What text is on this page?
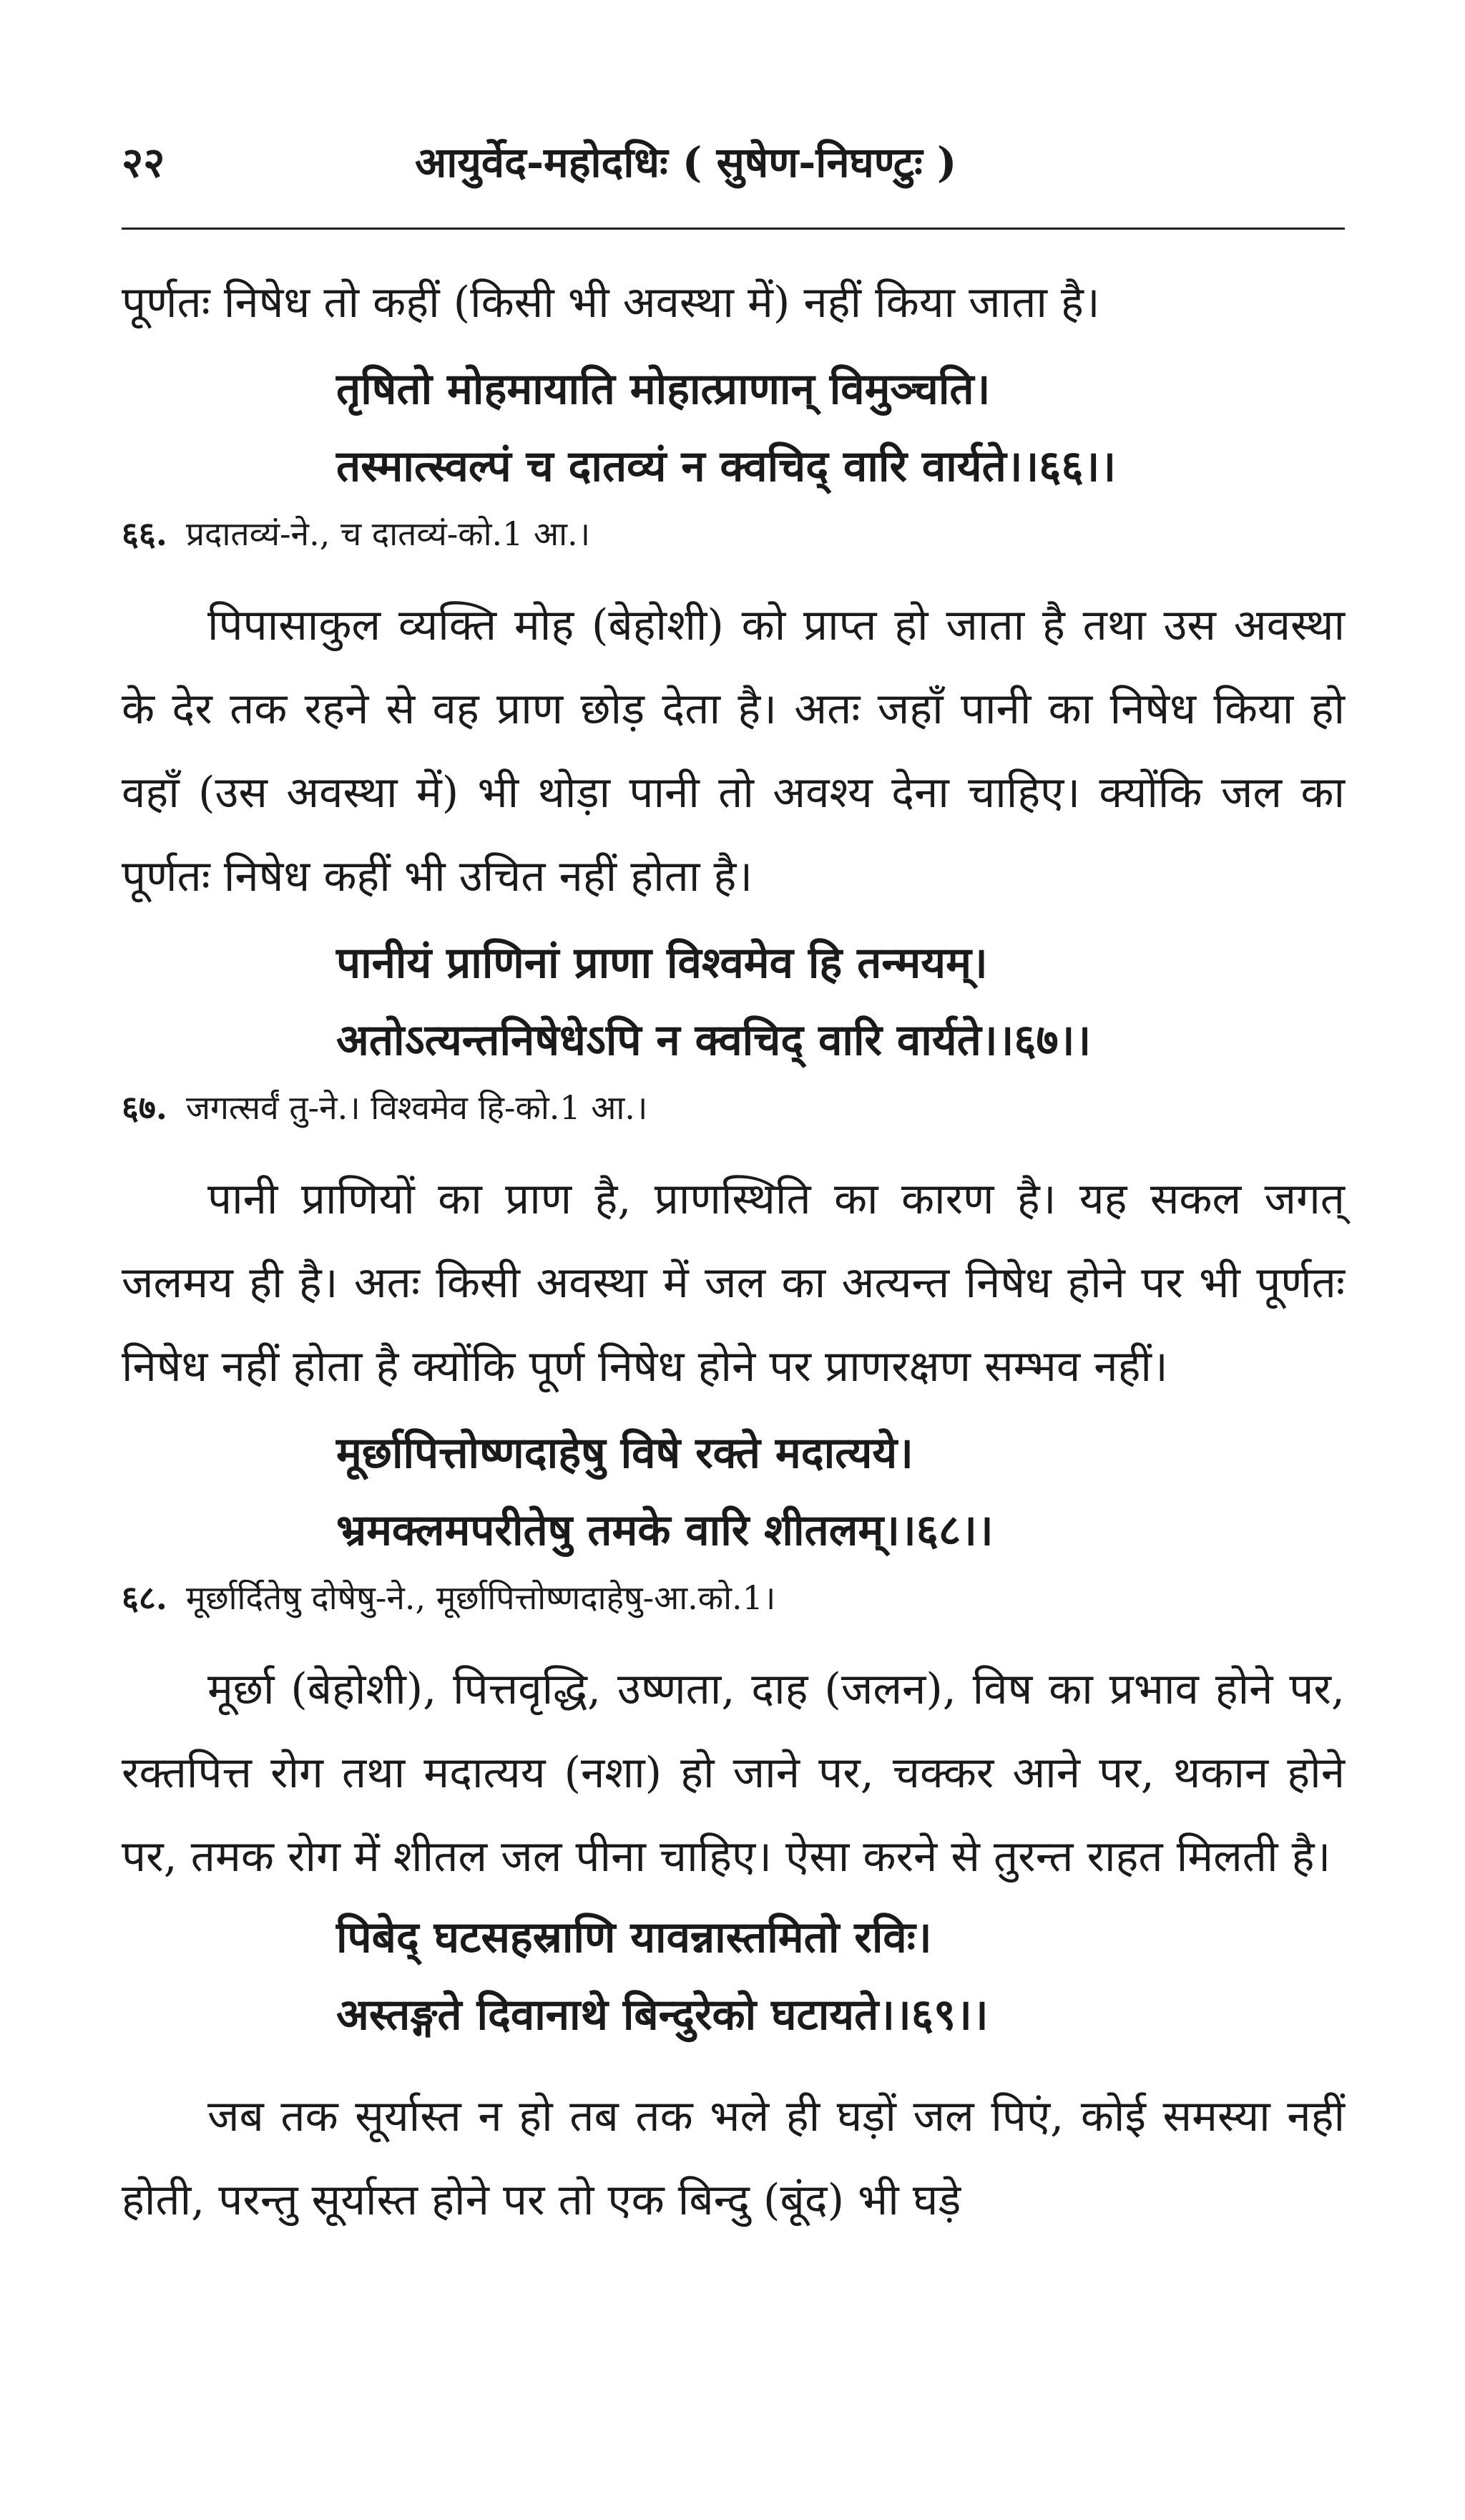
२२	आयुर्वेद-महोदधिः ( सुषेण-निघण्टुः )

पूर्णतः निषेध तो कहीं (किसी भी अवस्था में) नहीं किया जाता है।

तृषितो मोहमायाति मोहात्प्राणान् विमुञ्चति।
तस्मात्स्वल्पं च दातव्यं न क्वचिद् वारि वार्यते।।६६।।

६६. प्रदातव्यं-ने., च दातव्यं-को.1 आ.।

पिपासाकुल व्यक्ति मोह (बेहोशी) को प्राप्त हो जाता है तथा उस अवस्था के देर तक रहने से वह प्राण छोड़ देता है। अतः जहाँ पानी का निषेध किया हो वहाँ (उस अवस्था में) भी थोड़ा पानी तो अवश्य देना चाहिए। क्योंकि जल का पूर्णतः निषेध कहीं भी उचित नहीं होता है।

पानीयं प्राणिनां प्राणा विश्वमेव हि तन्मयम्।
अतोऽत्यन्तनिषेधेऽपि न क्वचिद् वारि वार्यते।।६७।।

६७. जगत्सर्वं तु-ने.। विश्वमेव हि-को.1 आ.।

पानी प्राणियों का प्राण है, प्राणस्थिति का कारण है। यह सकल जगत् जलमय ही है। अतः किसी अवस्था में जल का अत्यन्त निषेध होने पर भी पूर्णतः निषेध नहीं होता है क्योंकि पूर्ण निषेध होने पर प्राणरक्षण सम्भव नहीं।

मूर्छापित्तोष्णदाहेषु विषे रक्ते मदात्यये।
भ्रमक्लमपरीतेषु तमके वारि शीतलम्।।६८।।

६८. मूर्छार्दितेषु दोषेषु-ने., मूर्छापित्तोष्णदाहेषु-आ.को.1।

मूर्छा (बेहोशी), पित्तवृद्धि, उष्णता, दाह (जलन), विष का प्रभाव होने पर, रक्तपित्त रोग तथा मदात्यय (नशा) हो जाने पर, चक्कर आने पर, थकान होने पर, तमक रोग में शीतल जल पीना चाहिए। ऐसा करने से तुरन्त राहत मिलती है।

पिबेद् घटसहस्राणि यावन्नास्तमितो रविः।
अस्तङ्गते दिवानाथे बिन्दुरेको घटायते।।६९।।

जब तक सूर्यास्त न हो तब तक भले ही घड़ों जल पिएं, कोई समस्या नहीं होती, परन्तु सूर्यास्त होने पर तो एक बिन्दु (बूंद) भी घड़े
